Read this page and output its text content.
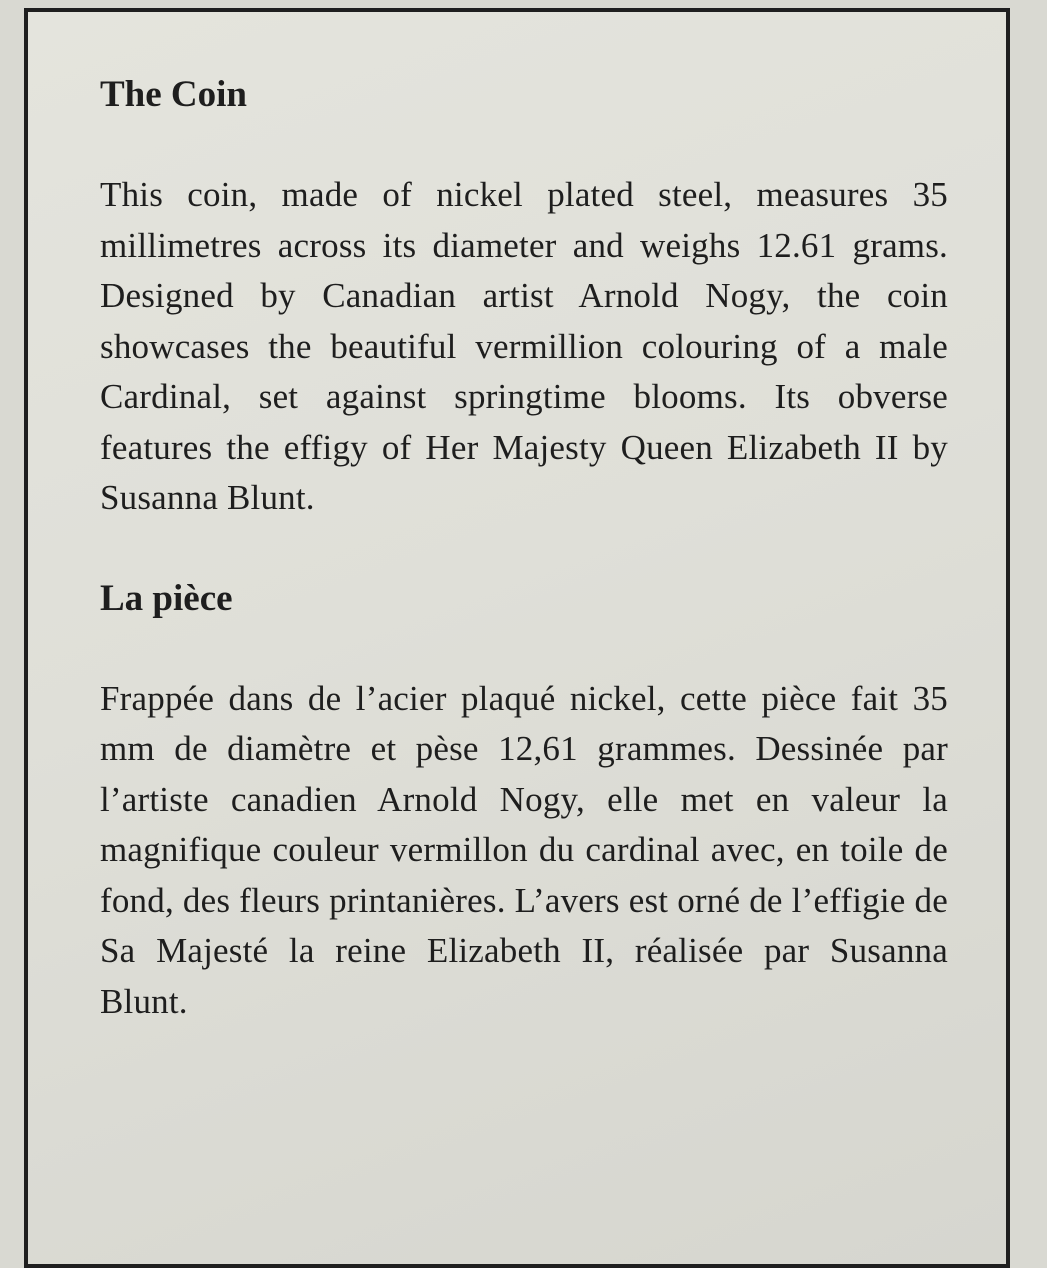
The Coin

This coin, made of nickel plated steel, measures 35 millimetres across its diameter and weighs 12.61 grams. Designed by Canadian artist Arnold Nogy, the coin showcases the beautiful vermillion colouring of a male Cardinal, set against springtime blooms. Its obverse features the effigy of Her Majesty Queen Elizabeth II by Susanna Blunt.

La pièce

Frappée dans de l’acier plaqué nickel, cette pièce fait 35 mm de diamètre et pèse 12,61 grammes. Dessinée par l’artiste canadien Arnold Nogy, elle met en valeur la magnifique couleur vermillon du cardinal avec, en toile de fond, des fleurs printanières. L’avers est orné de l’effigie de Sa Majesté la reine Elizabeth II, réalisée par Susanna Blunt.
